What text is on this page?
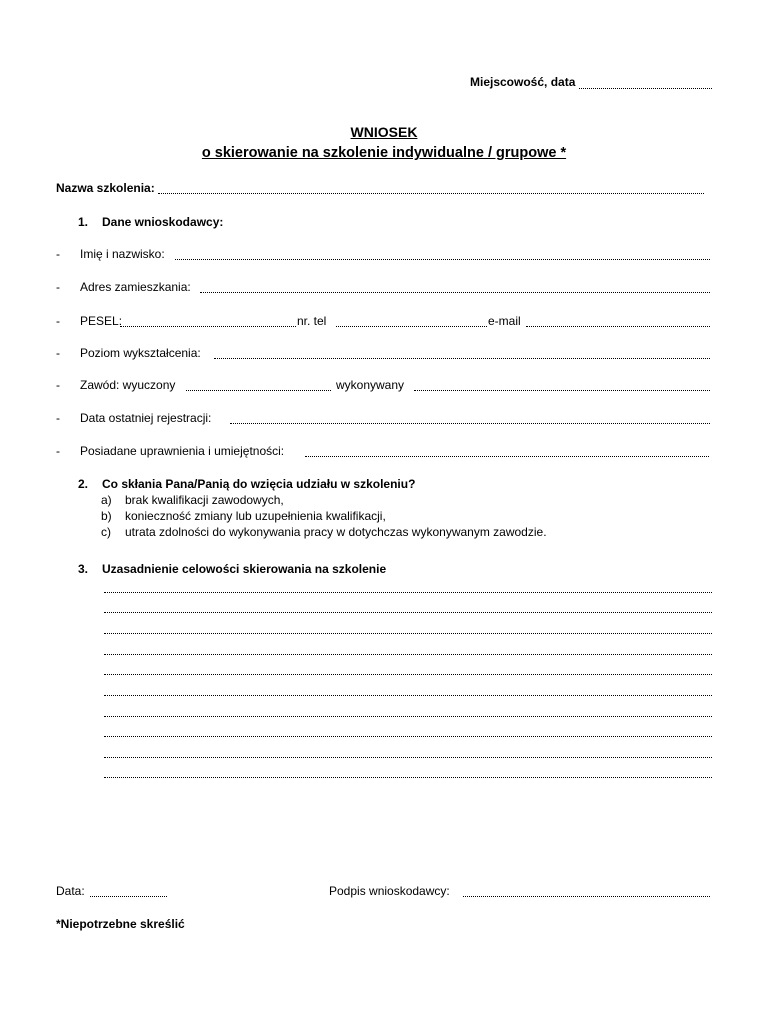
Miejscowość, data
WNIOSEK
o skierowanie na szkolenie indywidualne / grupowe *
Nazwa szkolenia:
1. Dane wnioskodawcy:
- Imię i nazwisko:
- Adres zamieszkania:
- PESEL:	nr. tel	e-mail
- Poziom wykształcenia:
- Zawód: wyuczony	wykonywany
- Data ostatniej rejestracji:
- Posiadane uprawnienia i umiejętności:
2. Co skłania Pana/Panią do wzięcia udziału w szkoleniu?
a) brak kwalifikacji zawodowych,
b) konieczność zmiany lub uzupełnienia kwalifikacji,
c) utrata zdolności do wykonywania pracy w dotychczas wykonywanym zawodzie.
3. Uzasadnienie celowości skierowania na szkolenie
Data:	Podpis wnioskodawcy:
*Niepotrzebne skreślić
